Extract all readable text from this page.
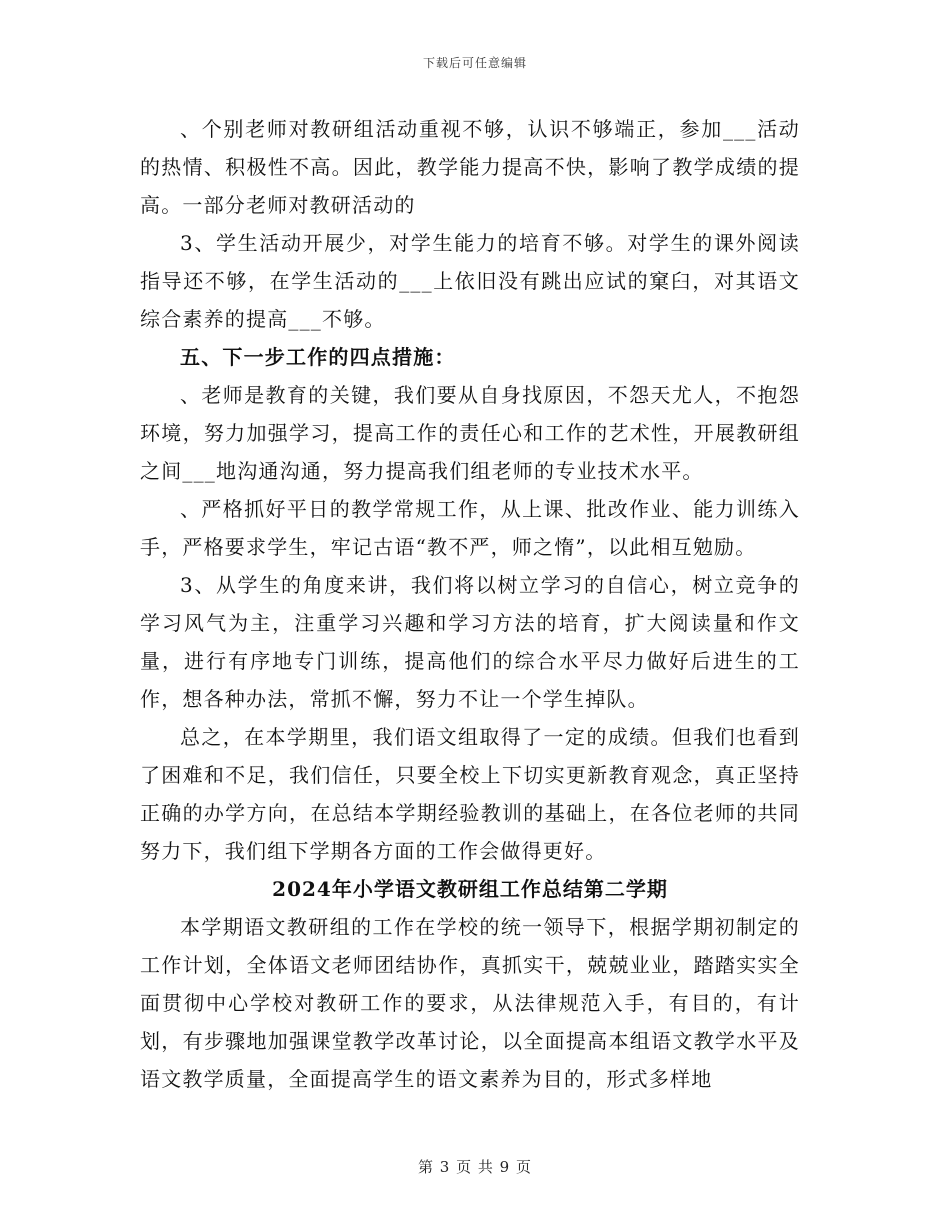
下载后可任意编辑

、个别老师对教研组活动重视不够，认识不够端正，参加___活动的热情、积极性不高。因此，教学能力提高不快，影响了教学成绩的提高。一部分老师对教研活动的

3、学生活动开展少，对学生能力的培育不够。对学生的课外阅读指导还不够，在学生活动的___上依旧没有跳出应试的窠臼，对其语文综合素养的提高___不够。

五、下一步工作的四点措施：

、老师是教育的关键，我们要从自身找原因，不怨天尤人，不抱怨环境，努力加强学习，提高工作的责任心和工作的艺术性，开展教研组之间___地沟通沟通，努力提高我们组老师的专业技术水平。

、严格抓好平日的教学常规工作，从上课、批改作业、能力训练入手，严格要求学生，牢记古语“教不严，师之惰”，以此相互勉励。

3、从学生的角度来讲，我们将以树立学习的自信心，树立竞争的学习风气为主，注重学习兴趣和学习方法的培育，扩大阅读量和作文量，进行有序地专门训练，提高他们的综合水平尽力做好后进生的工作，想各种办法，常抓不懈，努力不让一个学生掉队。

总之，在本学期里，我们语文组取得了一定的成绩。但我们也看到了困难和不足，我们信任，只要全校上下切实更新教育观念，真正坚持正确的办学方向，在总结本学期经验教训的基础上，在各位老师的共同努力下，我们组下学期各方面的工作会做得更好。

2024年小学语文教研组工作总结第二学期

本学期语文教研组的工作在学校的统一领导下，根据学期初制定的工作计划，全体语文老师团结协作，真抓实干，兢兢业业，踏踏实实全面贯彻中心学校对教研工作的要求，从法律规范入手，有目的，有计划，有步骤地加强课堂教学改革讨论，以全面提高本组语文教学水平及语文教学质量，全面提高学生的语文素养为目的，形式多样地

第 3 页 共 9 页
